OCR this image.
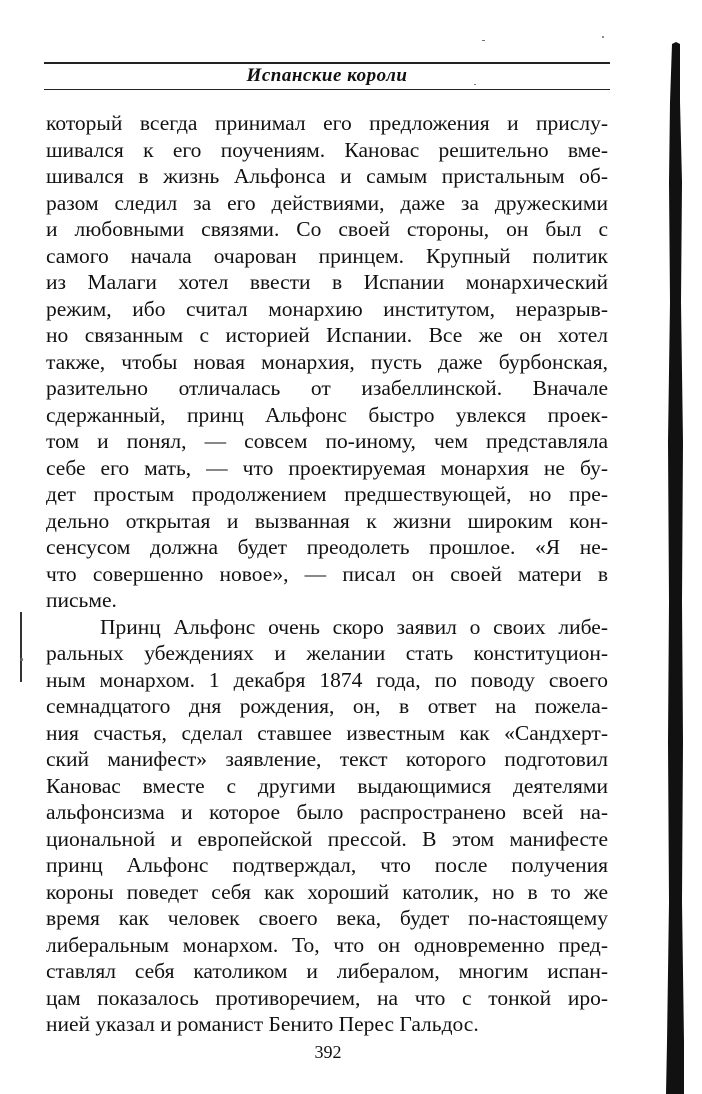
Испанские короли
который всегда принимал его предложения и прислу-
шивался к его поучениям. Кановас решительно вме-
шивался в жизнь Альфонса и самым пристальным об-
разом следил за его действиями, даже за дружескими
и любовными связями. Со своей стороны, он был с
самого начала очарован принцем. Крупный политик
из Малаги хотел ввести в Испании монархический
режим, ибо считал монархию институтом, неразрыв-
но связанным с историей Испании. Все же он хотел
также, чтобы новая монархия, пусть даже бурбонская,
разительно отличалась от изабеллинской. Вначале
сдержанный, принц Альфонс быстро увлекся проек-
том и понял, — совсем по-иному, чем представляла
себе его мать, — что проектируемая монархия не бу-
дет простым продолжением предшествующей, но пре-
дельно открытая и вызванная к жизни широким кон-
сенсусом должна будет преодолеть прошлое. «Я не-
что совершенно новое», — писал он своей матери в
письме.
Принц Альфонс очень скоро заявил о своих либе-
ральных убеждениях и желании стать конституцион-
ным монархом. 1 декабря 1874 года, по поводу своего
семнадцатого дня рождения, он, в ответ на пожела-
ния счастья, сделал ставшее известным как «Сандхерт-
ский манифест» заявление, текст которого подготовил
Кановас вместе с другими выдающимися деятелями
альфонсизма и которое было распространено всей на-
циональной и европейской прессой. В этом манифесте
принц Альфонс подтверждал, что после получения
короны поведет себя как хороший католик, но в то же
время как человек своего века, будет по-настоящему
либеральным монархом. То, что он одновременно пред-
ставлял себя католиком и либералом, многим испан-
цам показалось противоречием, на что с тонкой иро-
нией указал и романист Бенито Перес Гальдос.
392
